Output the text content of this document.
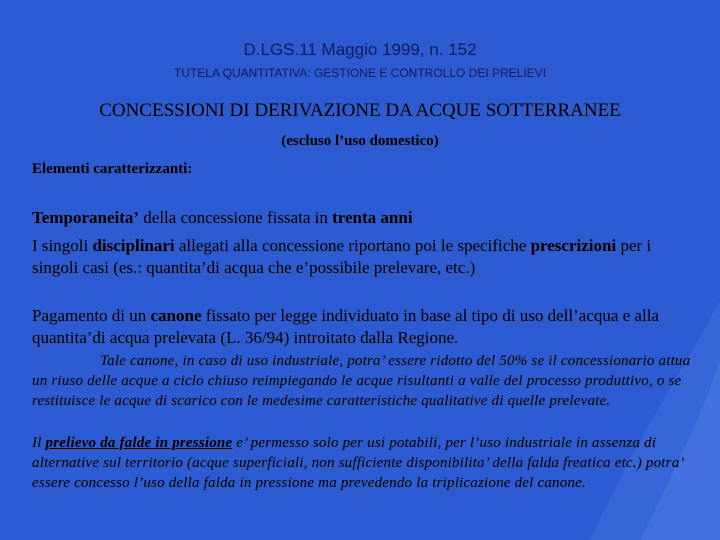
D.LGS.11 Maggio 1999, n. 152
TUTELA QUANTITATIVA: GESTIONE E CONTROLLO DEI PRELIEVI
CONCESSIONI DI DERIVAZIONE DA ACQUE SOTTERRANEE
(escluso l’uso domestico)
Elementi caratterizzanti:
Temporaneita’ della concessione fissata in trenta anni
I singoli disciplinari allegati alla concessione riportano poi le specifiche prescrizioni per i singoli casi (es.: quantita’di acqua che e’possibile prelevare, etc.)
Pagamento di un canone fissato per legge individuato in base al tipo di uso dell’acqua e alla quantita’di acqua prelevata (L. 36/94) introitato dalla Regione.
Tale canone, in caso di uso industriale, potra’ essere ridotto del 50% se il concessionario attua un riuso delle acque a ciclo chiuso reimpiegando le acque risultanti a valle del processo produttivo, o se restituisce le acque di scarico con le medesime caratteristiche qualitative di quelle prelevate.
Il prelievo da falde in pressione e’ permesso solo per usi potabili, per l’uso industriale in assenza di alternative sul territorio (acque superficiali, non sufficiente disponibilita’ della falda freatica etc.) potra’ essere concesso l’uso della falda in pressione ma prevedendo la triplicazione del canone.
